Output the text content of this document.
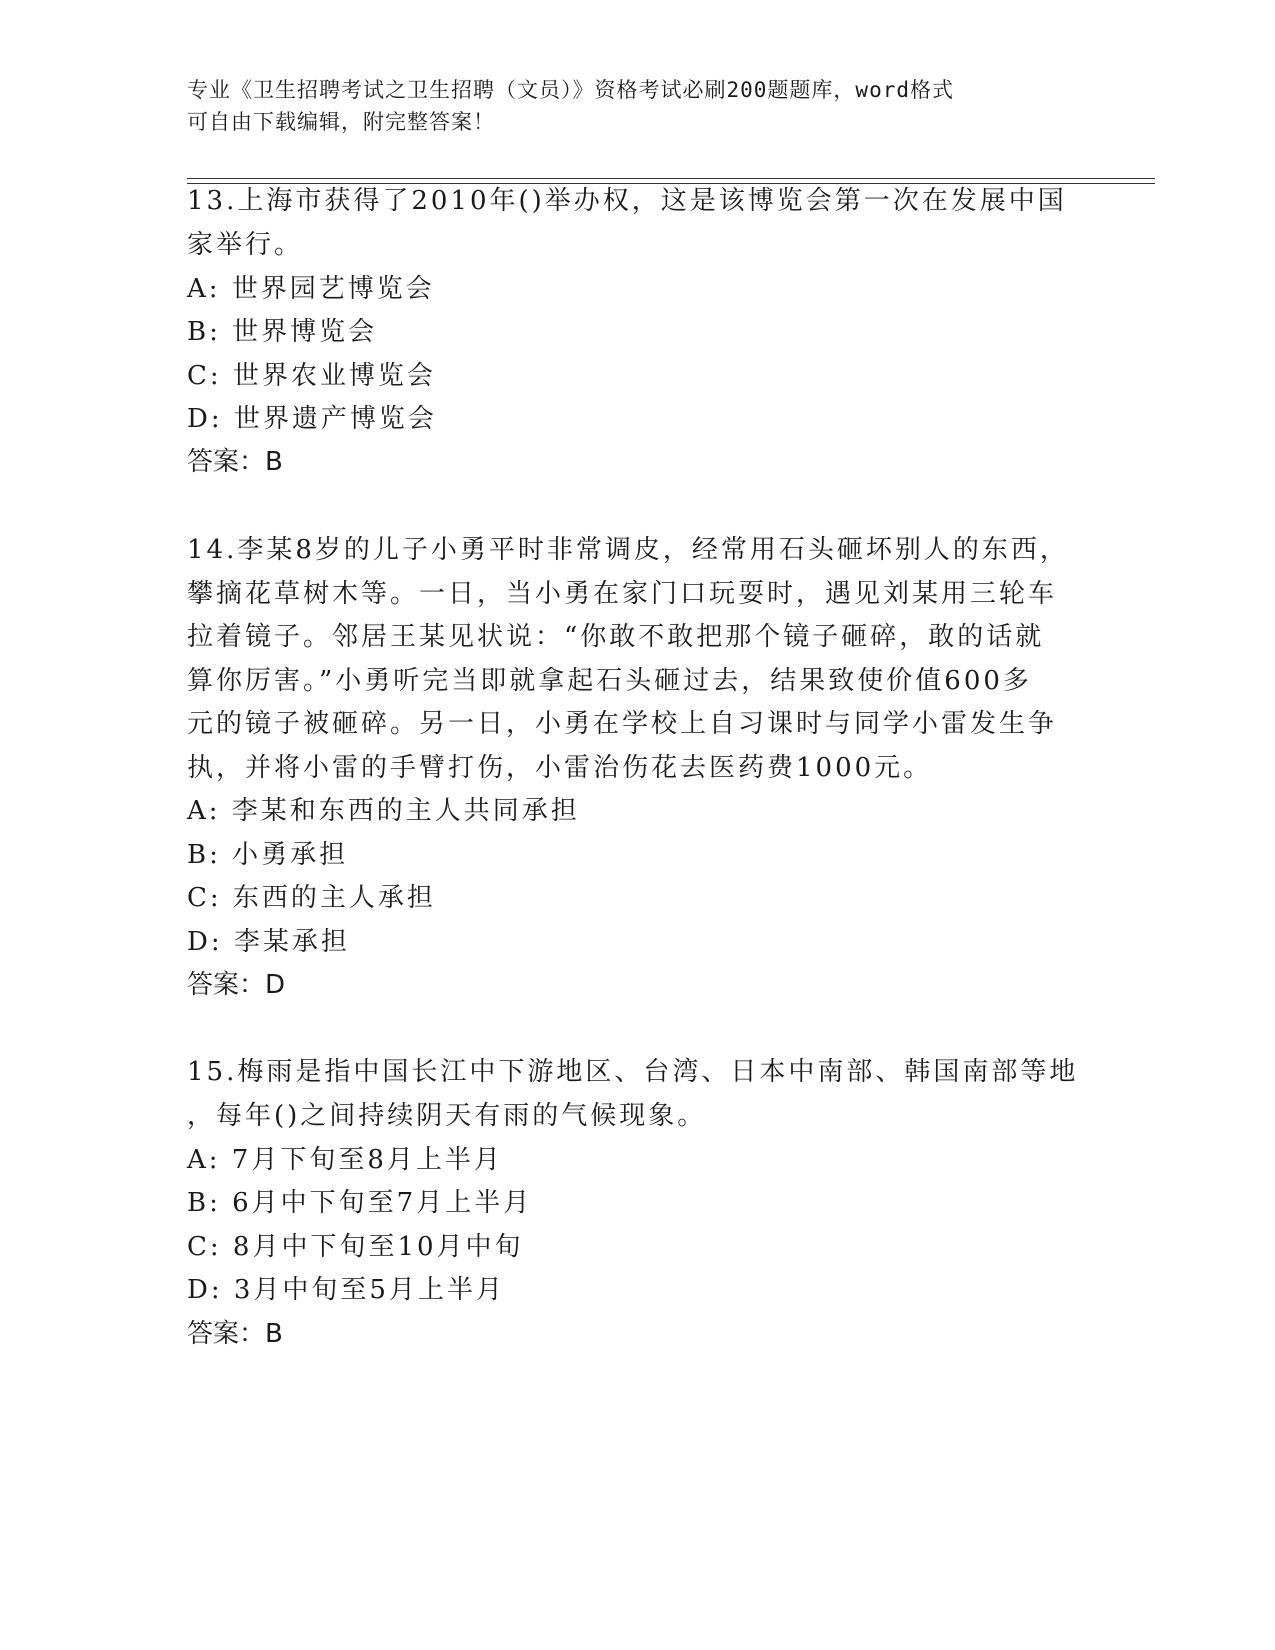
专业《卫生招聘考试之卫生招聘（文员）》资格考试必刷200题题库，word格式
可自由下载编辑，附完整答案！
13.上海市获得了2010年()举办权，这是该博览会第一次在发展中国
家举行。
A: 世界园艺博览会
B: 世界博览会
C: 世界农业博览会
D: 世界遗产博览会
答案：B
14.李某8岁的儿子小勇平时非常调皮，经常用石头砸坏别人的东西，
攀摘花草树木等。一日，当小勇在家门口玩耍时，遇见刘某用三轮车
拉着镜子。邻居王某见状说：“你敢不敢把那个镜子砸碎，敢的话就
算你厉害。”小勇听完当即就拿起石头砸过去，结果致使价值600多
元的镜子被砸碎。另一日，小勇在学校上自习课时与同学小雷发生争
执，并将小雷的手臂打伤，小雷治伤花去医药费1000元。
A: 李某和东西的主人共同承担
B: 小勇承担
C: 东西的主人承担
D: 李某承担
答案：D
15.梅雨是指中国长江中下游地区、台湾、日本中南部、韩国南部等地
，每年()之间持续阴天有雨的气候现象。
A: 7月下旬至8月上半月
B: 6月中下旬至7月上半月
C: 8月中下旬至10月中旬
D: 3月中旬至5月上半月
答案：B
